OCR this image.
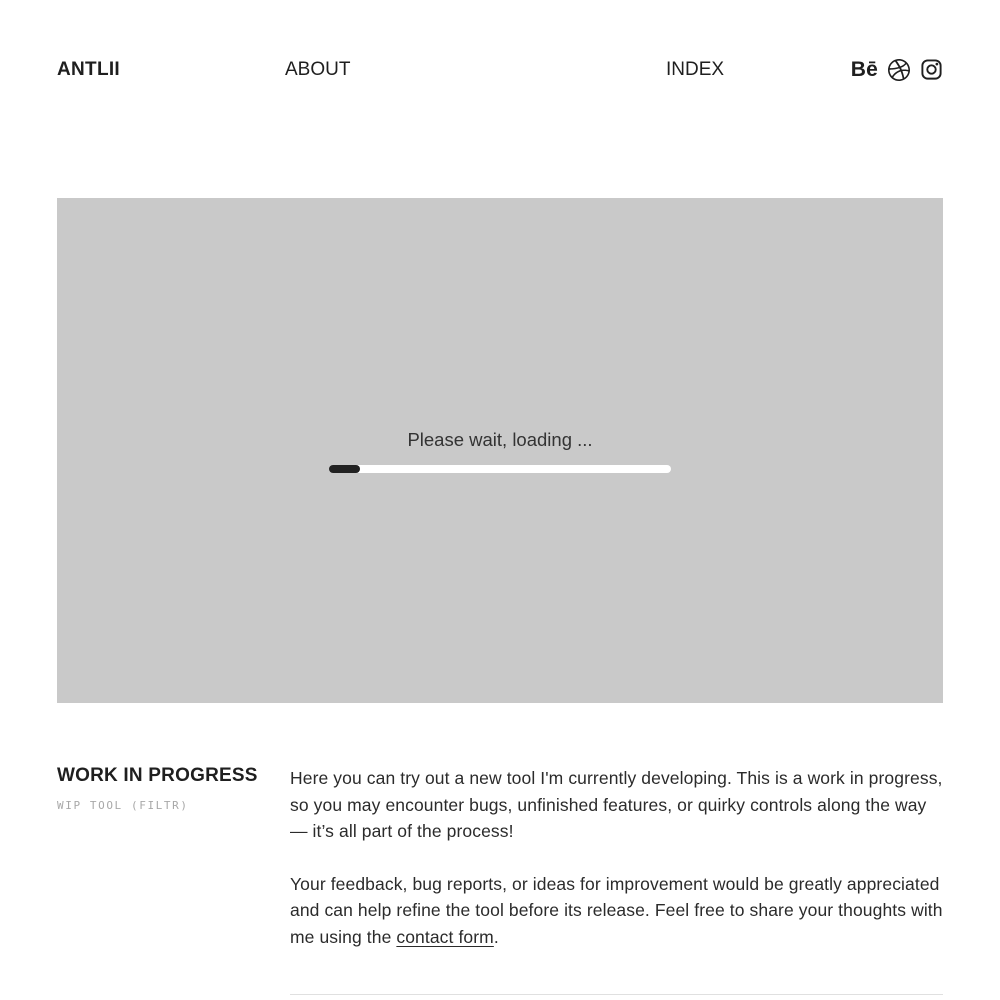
ANTLII	ABOUT	INDEX	Bē
Please wait, loading ...
WORK IN PROGRESS
WIP TOOL (FILTR)

Here you can try out a new tool I'm currently developing. This is a work in progress, so you may encounter bugs, unfinished features, or quirky controls along the way — it’s all part of the process!

Your feedback, bug reports, or ideas for improvement would be greatly appreciated and can help refine the tool before its release. Feel free to share your thoughts with me using the contact form.
